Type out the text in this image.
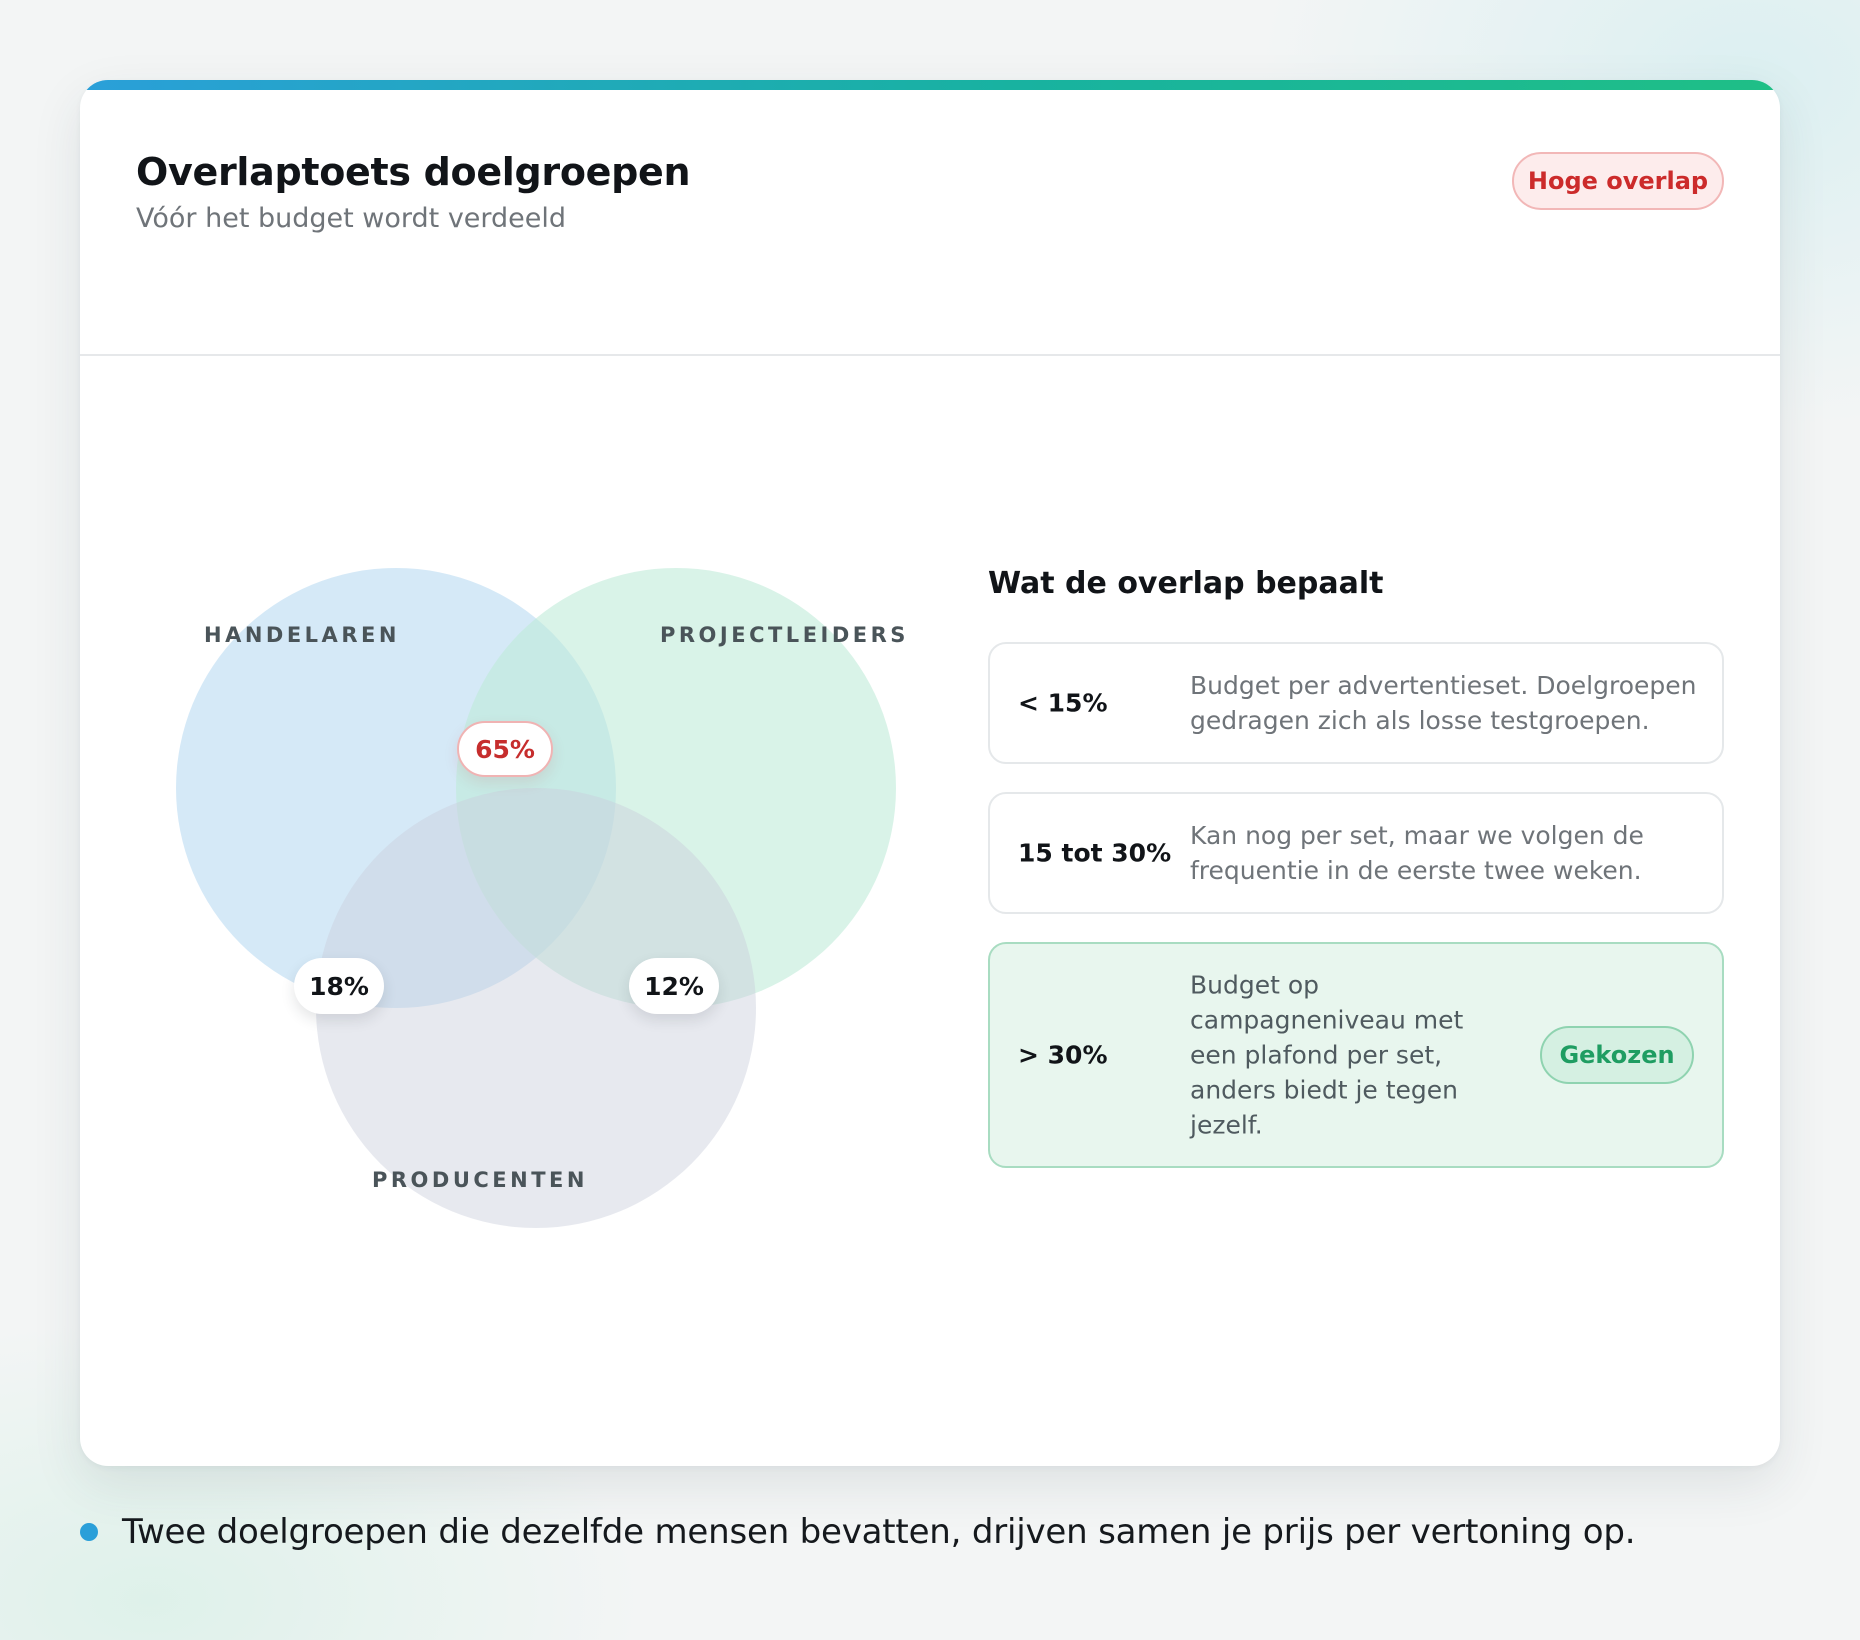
Overlaptoets doelgroepen
Vóór het budget wordt verdeeld
Hoge overlap
HANDELAREN	PROJECTLEIDERS
PRODUCENTEN
65%
18%	12%
Wat de overlap bepaalt
< 15%
Budget per advertentieset. Doelgroepen
gedragen zich als losse testgroepen.
15 tot 30%
Kan nog per set, maar we volgen de
frequentie in de eerste twee weken.
> 30%
Budget op
campagneniveau met
een plafond per set,
anders biedt je tegen
jezelf.
Gekozen
Twee doelgroepen die dezelfde mensen bevatten, drijven samen je prijs per vertoning op.
